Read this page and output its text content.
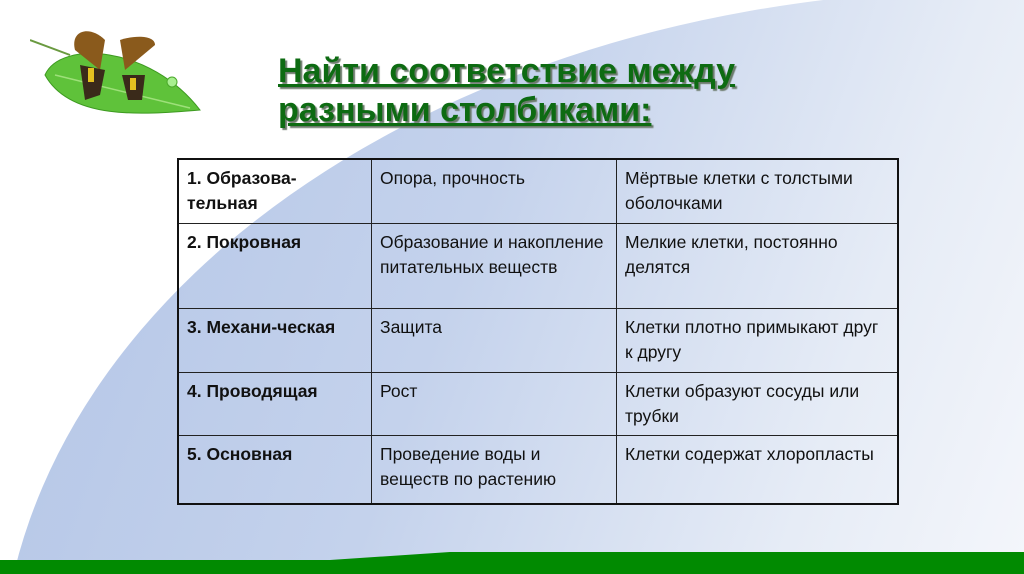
Найти соответствие между
разными столбиками:
1. Образова-тельная	Опора, прочность	Мёртвые клетки с толстыми оболочками
2. Покровная	Образование и накопление питательных веществ	Мелкие клетки, постоянно делятся
3. Механи-ческая	Защита	Клетки плотно примыкают друг к другу
4. Проводящая	Рост	Клетки образуют сосуды или трубки
5. Основная	Проведение воды и веществ по растению	Клетки содержат хлоропласты
